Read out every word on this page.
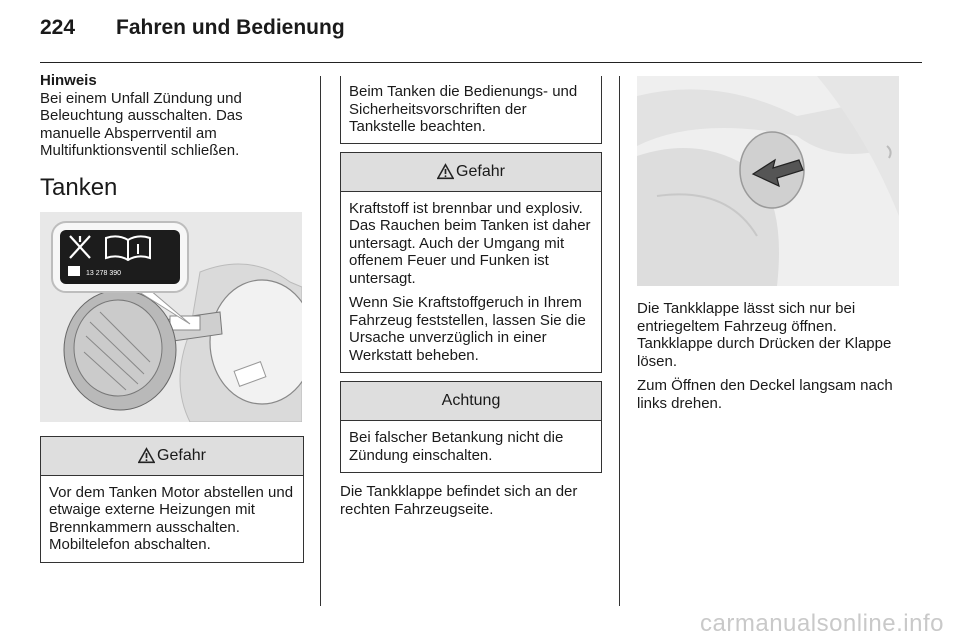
224 Fahren und Bedienung

Hinweis
Bei einem Unfall Zündung und Beleuchtung ausschalten. Das manuelle Absperrventil am Multifunktionsventil schließen.

Tanken
13 278 390
Gefahr

Vor dem Tanken Motor abstellen und etwaige externe Heizungen mit Brennkammern ausschalten. Mobiltelefon abschalten.

Beim Tanken die Bedienungs- und Sicherheitsvorschriften der Tankstelle beachten.

Gefahr

Kraftstoff ist brennbar und explosiv. Das Rauchen beim Tanken ist daher untersagt. Auch der Umgang mit offenem Feuer und Funken ist untersagt.

Wenn Sie Kraftstoffgeruch in Ihrem Fahrzeug feststellen, lassen Sie die Ursache unverzüglich in einer Werkstatt beheben.

Achtung

Bei falscher Betankung nicht die Zündung einschalten.

Die Tankklappe befindet sich an der rechten Fahrzeugseite.

Die Tankklappe lässt sich nur bei entriegeltem Fahrzeug öffnen. Tankklappe durch Drücken der Klappe lösen.

Zum Öffnen den Deckel langsam nach links drehen.

carmanualsonline.info
